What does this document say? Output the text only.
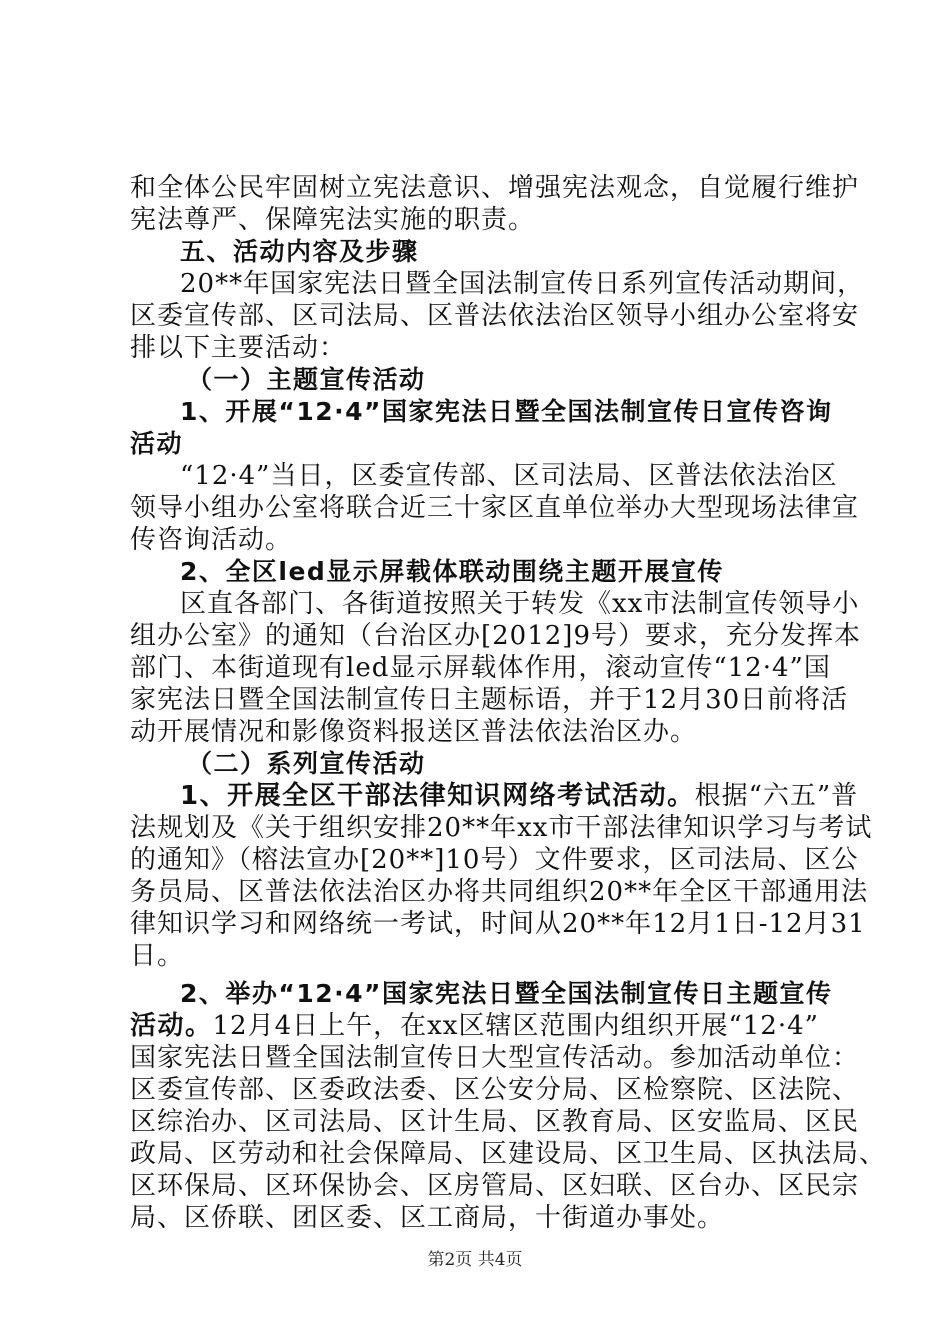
和全体公民牢固树立宪法意识、增强宪法观念，自觉履行维护
宪法尊严、保障宪法实施的职责。
五、活动内容及步骤
20**年国家宪法日暨全国法制宣传日系列宣传活动期间，
区委宣传部、区司法局、区普法依法治区领导小组办公室将安
排以下主要活动：
（一）主题宣传活动
1、开展“12·4”国家宪法日暨全国法制宣传日宣传咨询
活动
“12·4”当日，区委宣传部、区司法局、区普法依法治区
领导小组办公室将联合近三十家区直单位举办大型现场法律宣
传咨询活动。
2、全区led显示屏载体联动围绕主题开展宣传
区直各部门、各街道按照关于转发《xx市法制宣传领导小
组办公室》的通知（台治区办[2012]9号）要求，充分发挥本
部门、本街道现有led显示屏载体作用，滚动宣传“12·4”国
家宪法日暨全国法制宣传日主题标语，并于12月30日前将活
动开展情况和影像资料报送区普法依法治区办。
（二）系列宣传活动
1、开展全区干部法律知识网络考试活动。根据“六五”普
法规划及《关于组织安排20**年xx市干部法律知识学习与考试
的通知》（榕法宣办[20**]10号）文件要求，区司法局、区公
务员局、区普法依法治区办将共同组织20**年全区干部通用法
律知识学习和网络统一考试，时间从20**年12月1日-12月31
日。
2、举办“12·4”国家宪法日暨全国法制宣传日主题宣传
活动。12月4日上午，在xx区辖区范围内组织开展“12·4”
国家宪法日暨全国法制宣传日大型宣传活动。参加活动单位：
区委宣传部、区委政法委、区公安分局、区检察院、区法院、
区综治办、区司法局、区计生局、区教育局、区安监局、区民
政局、区劳动和社会保障局、区建设局、区卫生局、区执法局、
区环保局、区环保协会、区房管局、区妇联、区台办、区民宗
局、区侨联、团区委、区工商局，十街道办事处。
第2页 共4页
